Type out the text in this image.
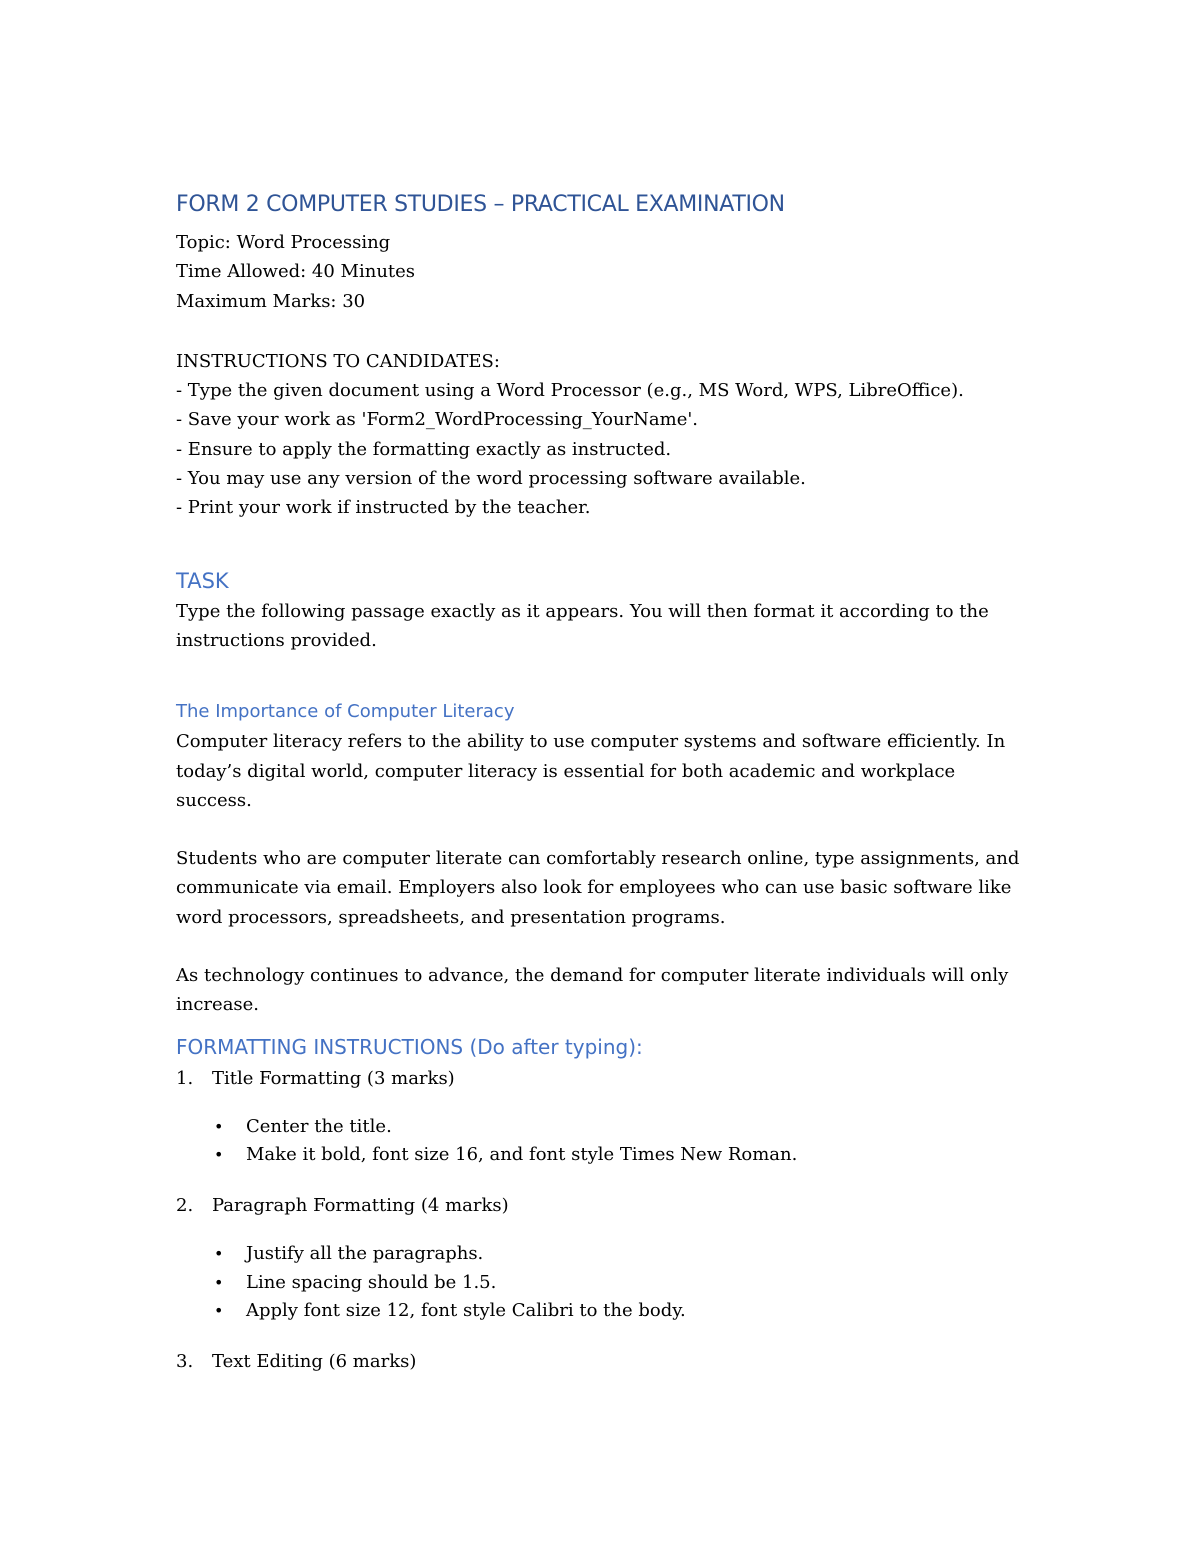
FORM 2 COMPUTER STUDIES – PRACTICAL EXAMINATION

Topic: Word Processing

Time Allowed: 40 Minutes

Maximum Marks: 30

INSTRUCTIONS TO CANDIDATES:

- Type the given document using a Word Processor (e.g., MS Word, WPS, LibreOffice).

- Save your work as 'Form2_WordProcessing_YourName'.

- Ensure to apply the formatting exactly as instructed.

- You may use any version of the word processing software available.

- Print your work if instructed by the teacher.

TASK

Type the following passage exactly as it appears. You will then format it according to the instructions provided.

The Importance of Computer Literacy

Computer literacy refers to the ability to use computer systems and software efficiently. In today’s digital world, computer literacy is essential for both academic and workplace success.

Students who are computer literate can comfortably research online, type assignments, and communicate via email. Employers also look for employees who can use basic software like word processors, spreadsheets, and presentation programs.

As technology continues to advance, the demand for computer literate individuals will only increase.

FORMATTING INSTRUCTIONS (Do after typing):
1. Title Formatting (3 marks)
• Center the title.
• Make it bold, font size 16, and font style Times New Roman.
2. Paragraph Formatting (4 marks)
• Justify all the paragraphs.
• Line spacing should be 1.5.
• Apply font size 12, font style Calibri to the body.
3. Text Editing (6 marks)
